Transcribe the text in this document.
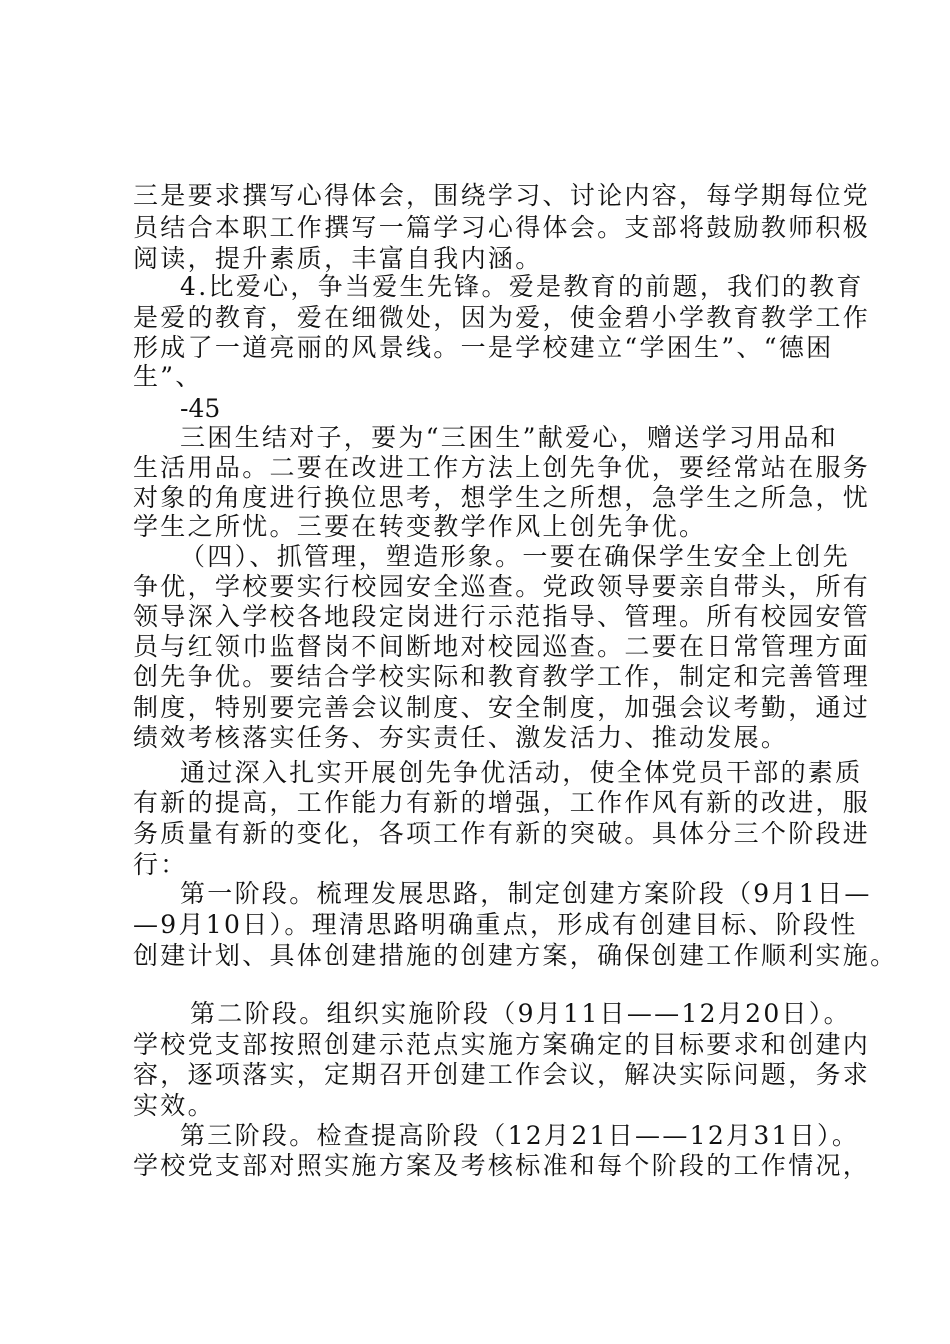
三是要求撰写心得体会，围绕学习、讨论内容，每学期每位党
员结合本职工作撰写一篇学习心得体会。支部将鼓励教师积极
阅读，提升素质，丰富自我内涵。
4.比爱心，争当爱生先锋。爱是教育的前题，我们的教育
是爱的教育，爱在细微处，因为爱，使金碧小学教育教学工作
形成了一道亮丽的风景线。一是学校建立“学困生”、“德困
生”、
-45
三困生结对子，要为“三困生”献爱心，赠送学习用品和
生活用品。二要在改进工作方法上创先争优，要经常站在服务
对象的角度进行换位思考，想学生之所想，急学生之所急，忧
学生之所忧。三要在转变教学作风上创先争优。
（四）、抓管理，塑造形象。一要在确保学生安全上创先
争优，学校要实行校园安全巡查。党政领导要亲自带头，所有
领导深入学校各地段定岗进行示范指导、管理。所有校园安管
员与红领巾监督岗不间断地对校园巡查。二要在日常管理方面
创先争优。要结合学校实际和教育教学工作，制定和完善管理
制度，特别要完善会议制度、安全制度，加强会议考勤，通过
绩效考核落实任务、夯实责任、激发活力、推动发展。
通过深入扎实开展创先争优活动，使全体党员干部的素质
有新的提高，工作能力有新的增强，工作作风有新的改进，服
务质量有新的变化，各项工作有新的突破。具体分三个阶段进
行：
第一阶段。梳理发展思路，制定创建方案阶段（9月1日—
—9月10日）。理清思路明确重点，形成有创建目标、阶段性
创建计划、具体创建措施的创建方案，确保创建工作顺利实施。
第二阶段。组织实施阶段（9月11日——12月20日）。
学校党支部按照创建示范点实施方案确定的目标要求和创建内
容，逐项落实，定期召开创建工作会议，解决实际问题，务求
实效。
第三阶段。检查提高阶段（12月21日——12月31日）。
学校党支部对照实施方案及考核标准和每个阶段的工作情况，
